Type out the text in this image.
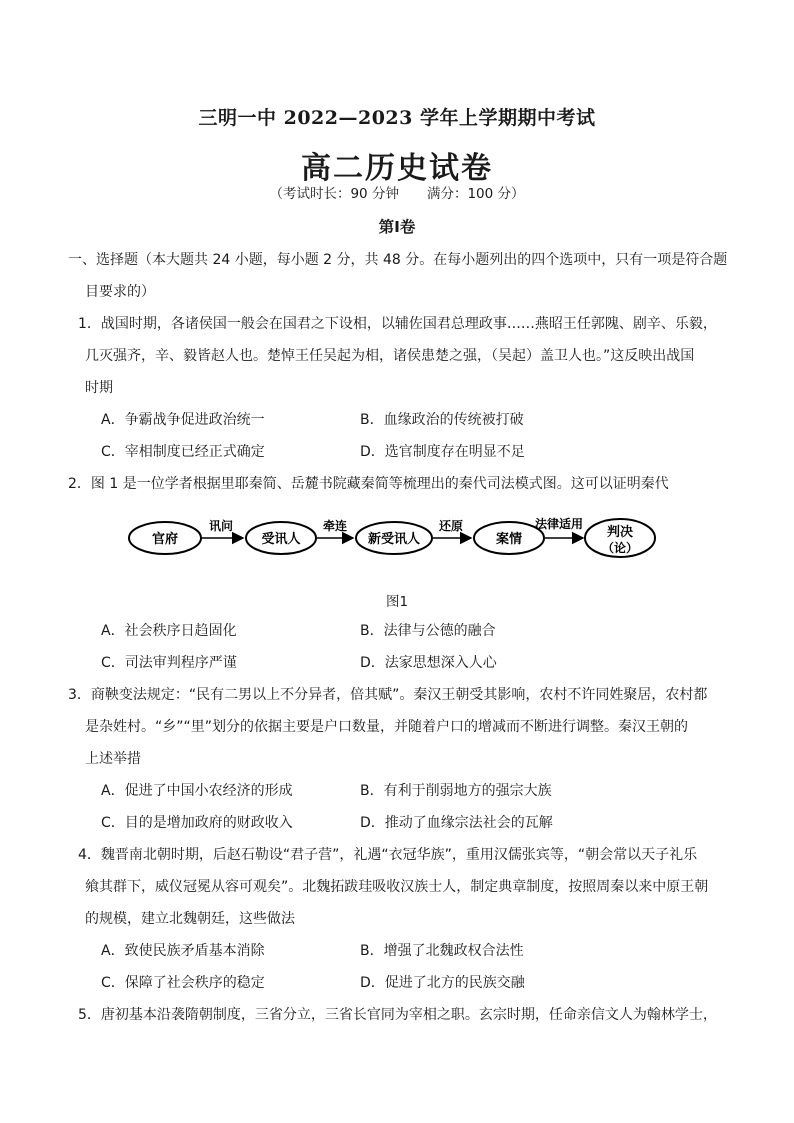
三明一中 2022—2023 学年上学期期中考试
高二历史试卷
（考试时长：90 分钟 满分：100 分）
第Ⅰ卷
一、选择题（本大题共 24 小题，每小题 2 分，共 48 分。在每小题列出的四个选项中，只有一项是符合题
目要求的）
1．战国时期，各诸侯国一般会在国君之下设相，以辅佐国君总理政事……燕昭王任郭隗、剧辛、乐毅，
几灭强齐，辛、毅皆赵人也。楚悼王任吴起为相，诸侯患楚之强，（吴起）盖卫人也。”这反映出战国
时期
A．争霸战争促进政治统一	B．血缘政治的传统被打破
C．宰相制度已经正式确定	D．选官制度存在明显不足
2．图 1 是一位学者根据里耶秦简、岳麓书院藏秦简等梳理出的秦代司法模式图。这可以证明秦代
官府	受讯人	新受讯人	案情	判决
（论）
讯问	牵连	还原	法律适用
图1
A．社会秩序日趋固化	B．法律与公德的融合
C．司法审判程序严谨	D．法家思想深入人心
3．商鞅变法规定：“民有二男以上不分异者，倍其赋”。秦汉王朝受其影响，农村不许同姓聚居，农村都
是杂姓村。“乡”“里”划分的依据主要是户口数量，并随着户口的增减而不断进行调整。秦汉王朝的
上述举措
A．促进了中国小农经济的形成	B．有利于削弱地方的强宗大族
C．目的是增加政府的财政收入	D．推动了血缘宗法社会的瓦解
4．魏晋南北朝时期，后赵石勒设“君子营”，礼遇“衣冠华族”，重用汉儒张宾等，“朝会常以天子礼乐
飨其群下，威仪冠冕从容可观矣”。北魏拓跋珪吸收汉族士人，制定典章制度，按照周秦以来中原王朝
的规模，建立北魏朝廷，这些做法
A．致使民族矛盾基本消除	B．增强了北魏政权合法性
C．保障了社会秩序的稳定	D．促进了北方的民族交融
5．唐初基本沿袭隋朝制度，三省分立，三省长官同为宰相之职。玄宗时期，任命亲信文人为翰林学士，
